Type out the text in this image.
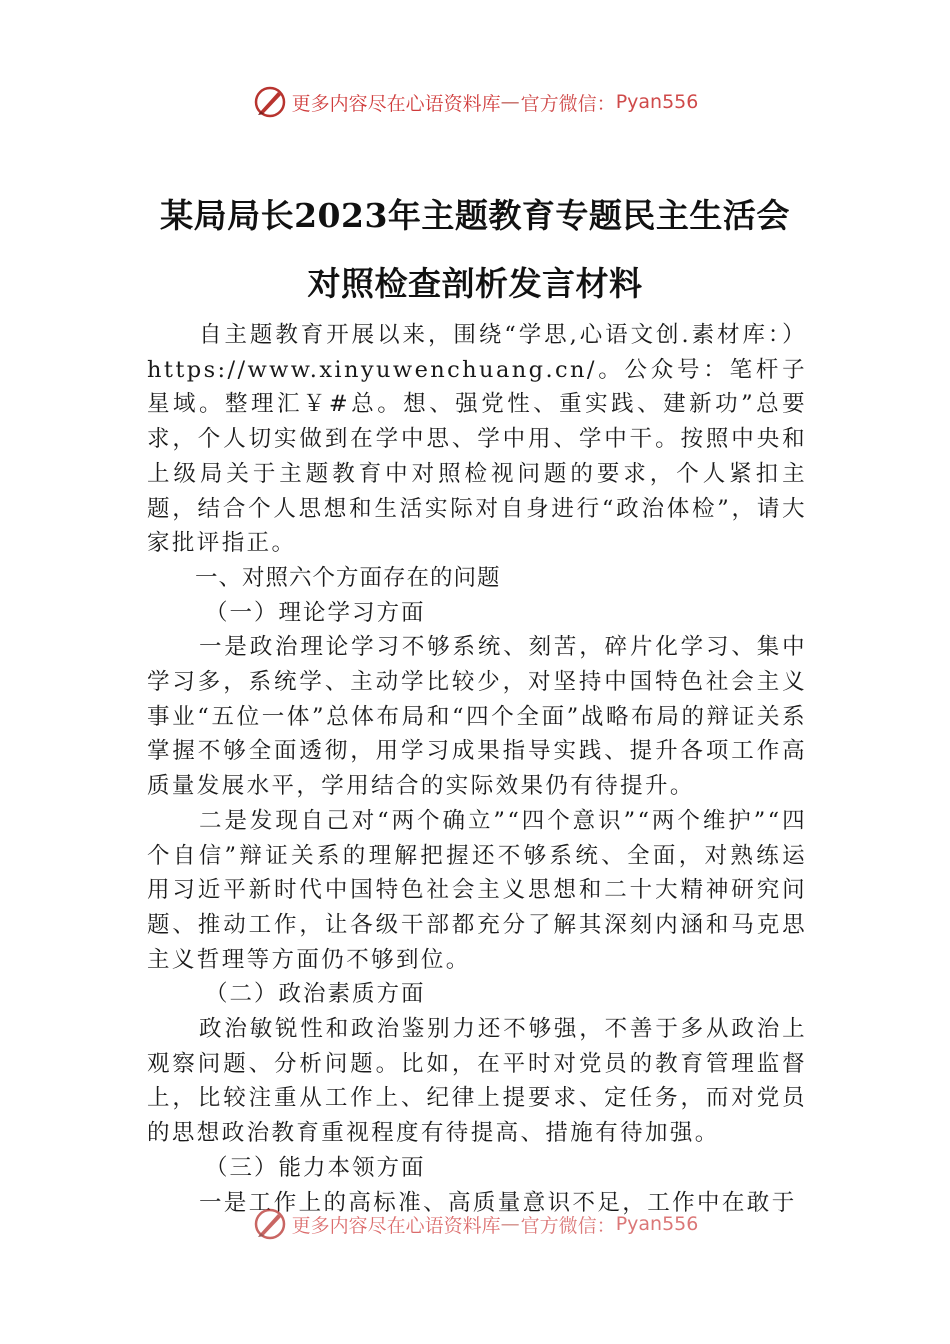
更多内容尽在心语资料库 — 官方微信： Pyan556
某局局长2023年主题教育专题民主生活会
对照检查剖析发言材料

自主题教育开展以来，围绕“学思,心语文创.素材库：）https://www.xinyuwenchuang.cn/。公众号：笔杆子星域。整理汇￥#总。想、强党性、重实践、建新功”总要求，个人切实做到在学中思、学中用、学中干。按照中央和上级局关于主题教育中对照检视问题的要求，个人紧扣主题，结合个人思想和生活实际对自身进行“政治体检”，请大家批评指正。

一、对照六个方面存在的问题

（一）理论学习方面

一是政治理论学习不够系统、刻苦，碎片化学习、集中学习多，系统学、主动学比较少，对坚持中国特色社会主义事业“五位一体”总体布局和“四个全面”战略布局的辩证关系掌握不够全面透彻，用学习成果指导实践、提升各项工作高质量发展水平，学用结合的实际效果仍有待提升。

二是发现自己对“两个确立”“四个意识”“两个维护”“四个自信”辩证关系的理解把握还不够系统、全面，对熟练运用习近平新时代中国特色社会主义思想和二十大精神研究问题、推动工作，让各级干部都充分了解其深刻内涵和马克思主义哲理等方面仍不够到位。

（二）政治素质方面

政治敏锐性和政治鉴别力还不够强，不善于多从政治上观察问题、分析问题。比如，在平时对党员的教育管理监督上，比较注重从工作上、纪律上提要求、定任务，而对党员的思想政治教育重视程度有待提高、措施有待加强。

（三）能力本领方面

一是工作上的高标准、高质量意识不足，工作中在敢于

更多内容尽在心语资料库 — 官方微信： Pyan556
